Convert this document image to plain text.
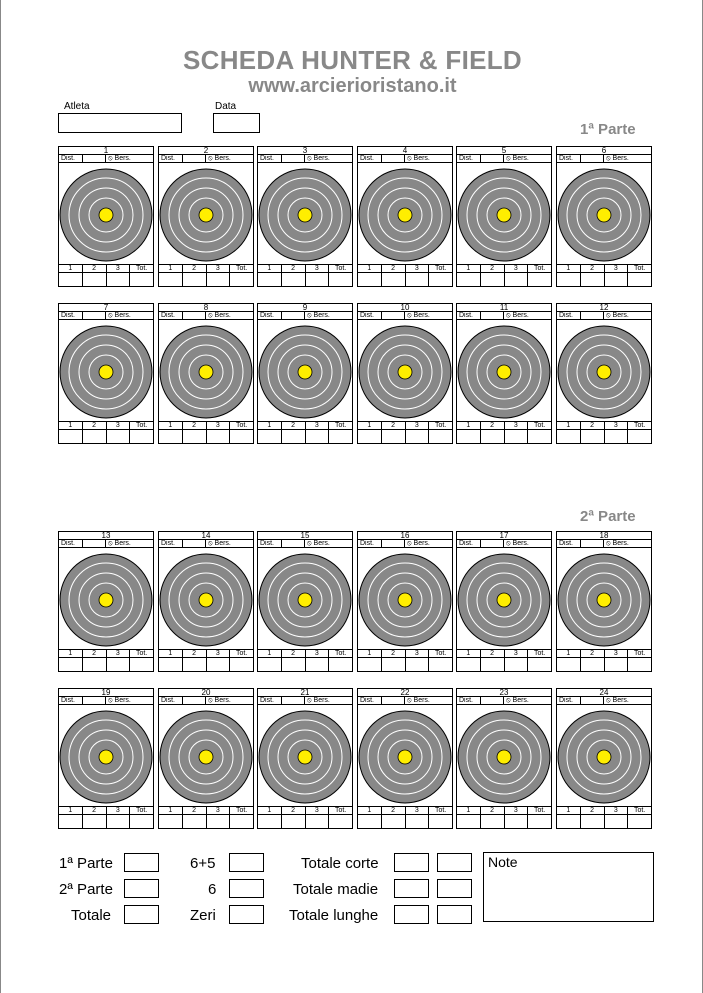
SCHEDA HUNTER & FIELD
www.arcierioristano.it
Atleta	Data
1ª Parte
2ª Parte
1
Dist.	⦸ Bers.
1	2	3	Tot.
2
Dist.	⦸ Bers.
1	2	3	Tot.
3
Dist.	⦸ Bers.
1	2	3	Tot.
4
Dist.	⦸ Bers.
1	2	3	Tot.
5
Dist.	⦸ Bers.
1	2	3	Tot.
6
Dist.	⦸ Bers.
1	2	3	Tot.
7
Dist.	⦸ Bers.
1	2	3	Tot.
8
Dist.	⦸ Bers.
1	2	3	Tot.
9
Dist.	⦸ Bers.
1	2	3	Tot.
10
Dist.	⦸ Bers.
1	2	3	Tot.
11
Dist.	⦸ Bers.
1	2	3	Tot.
12
Dist.	⦸ Bers.
1	2	3	Tot.
13
Dist.	⦸ Bers.
1	2	3	Tot.
14
Dist.	⦸ Bers.
1	2	3	Tot.
15
Dist.	⦸ Bers.
1	2	3	Tot.
16
Dist.	⦸ Bers.
1	2	3	Tot.
17
Dist.	⦸ Bers.
1	2	3	Tot.
18
Dist.	⦸ Bers.
1	2	3	Tot.
19
Dist.	⦸ Bers.
1	2	3	Tot.
20
Dist.	⦸ Bers.
1	2	3	Tot.
21
Dist.	⦸ Bers.
1	2	3	Tot.
22
Dist.	⦸ Bers.
1	2	3	Tot.
23
Dist.	⦸ Bers.
1	2	3	Tot.
24
Dist.	⦸ Bers.
1	2	3	Tot.
1ª Parte
2ª Parte
Totale
6+5
6
Zeri
Totale corte
Totale madie
Totale lunghe
Note
